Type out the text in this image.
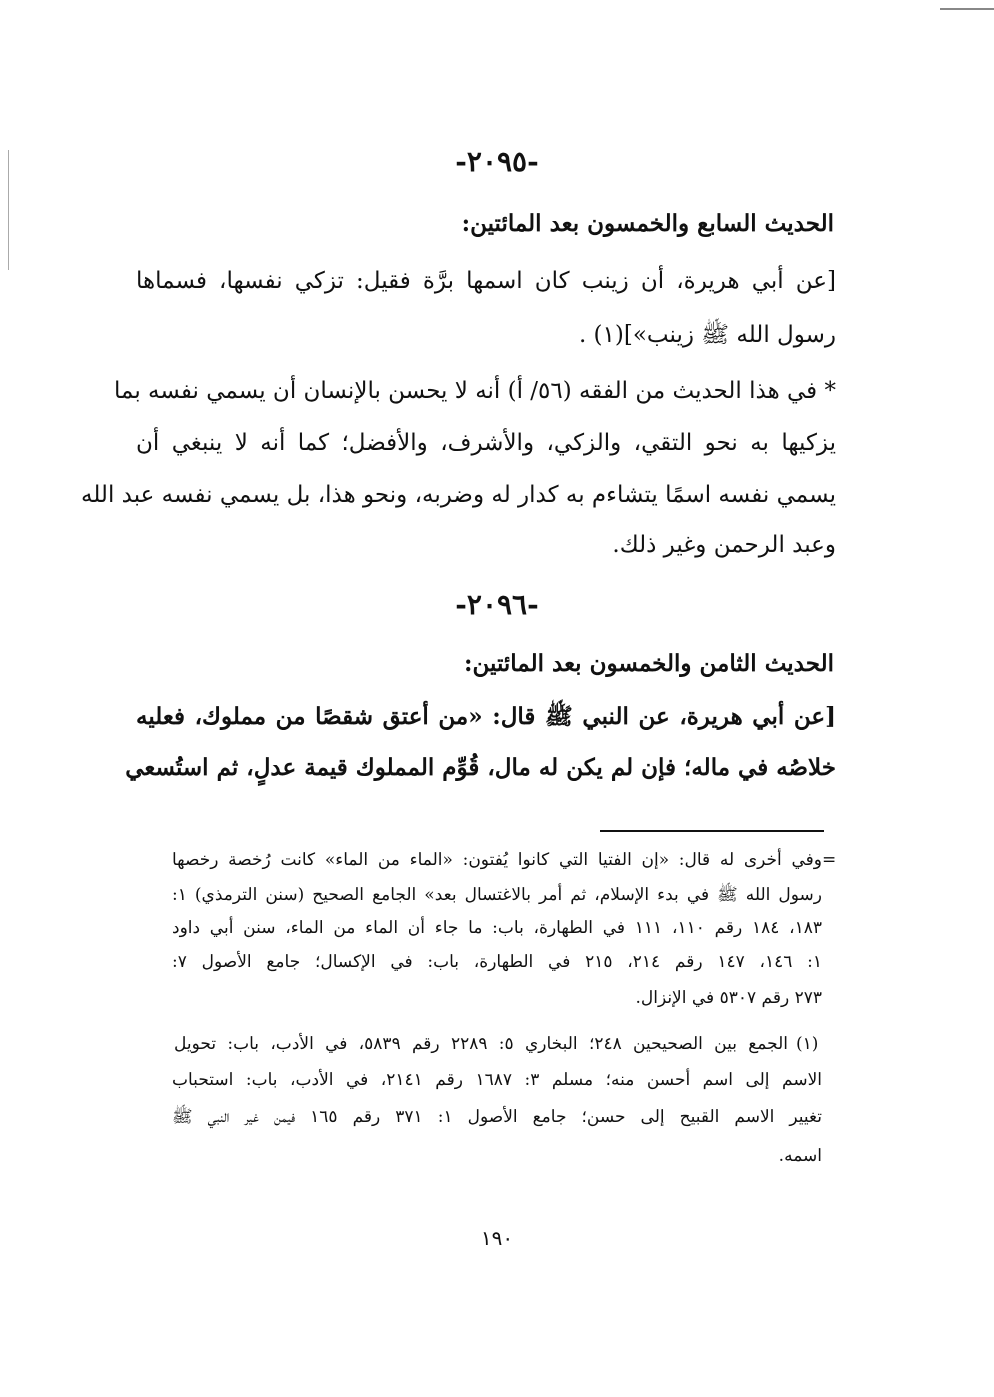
-٢٠٩٥-
الحديث السابع والخمسون بعد المائتين:
[عن أبي هريرة، أن زينب كان اسمها برَّة فقيل: تزكي نفسها، فسماها
رسول الله ﷺ زينب»](١) .
* في هذا الحديث من الفقه (٥٦/ أ) أنه لا يحسن بالإنسان أن يسمي نفسه بما
يزكيها به نحو التقي، والزكي، والأشرف، والأفضل؛ كما أنه لا ينبغي أن
يسمي نفسه اسمًا يتشاءم به كدار له وضربه، ونحو هذا، بل يسمي نفسه عبد الله
وعبد الرحمن وغير ذلك.
-٢٠٩٦-
الحديث الثامن والخمسون بعد المائتين:
[عن أبي هريرة، عن النبي ﷺ قال: «من أعتق شقصًا من مملوك، فعليه
خلاصُه في ماله؛ فإن لم يكن له مال، قُوِّم المملوك قيمة عدلٍ، ثم استُسعي
=
وفي أخرى له قال: «إن الفتيا التي كانوا يُفتون: «الماء من الماء» كانت رُخصة رخصها
رسول الله ﷺ في بدء الإسلام، ثم أمر بالاغتسال بعد» الجامع الصحيح (سنن الترمذي) ١:
١٨٣، ١٨٤ رقم ١١٠، ١١١ في الطهارة، باب: ما جاء أن الماء من الماء، سنن أبي داود
١: ١٤٦، ١٤٧ رقم ٢١٤، ٢١٥ في الطهارة، باب: في الإكسال؛ جامع الأصول ٧:
٢٧٣ رقم ٥٣٠٧ في الإنزال.
(١)
الجمع بين الصحيحين ٢٤٨؛ البخاري ٥: ٢٢٨٩ رقم ٥٨٣٩، في الأدب، باب: تحويل
الاسم إلى اسم أحسن منه؛ مسلم ٣: ١٦٨٧ رقم ٢١٤١، في الأدب، باب: استحباب
تغيير الاسم القبيح إلى حسن؛ جامع الأصول ١: ٣٧١ رقم ١٦٥ فيمن غير النبي ﷺ
اسمه.
١٩٠
